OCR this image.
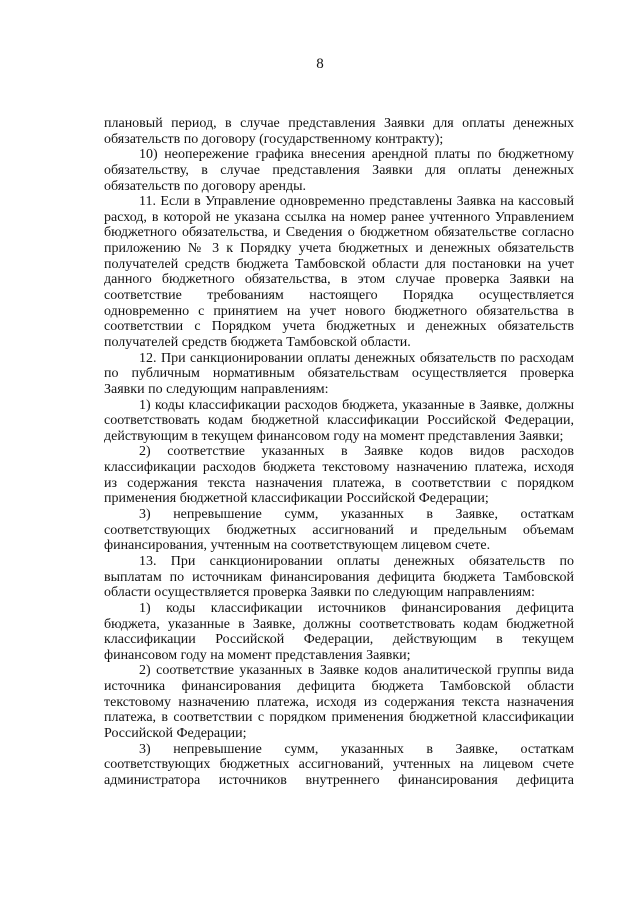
8
плановый период, в случае представления Заявки для оплаты денежных
обязательств по договору (государственному контракту);
10) неопережение графика внесения арендной платы по бюджетному
обязательству, в случае представления Заявки для оплаты денежных
обязательств по договору аренды.
11. Если в Управление одновременно представлены Заявка на кассовый
расход, в которой не указана ссылка на номер ранее учтенного Управлением
бюджетного обязательства, и Сведения о бюджетном обязательстве согласно
приложению № 3 к Порядку учета бюджетных и денежных обязательств
получателей средств бюджета Тамбовской области для постановки на учет
данного бюджетного обязательства, в этом случае проверка Заявки на
соответствие требованиям настоящего Порядка осуществляется
одновременно с принятием на учет нового бюджетного обязательства в
соответствии с Порядком учета бюджетных и денежных обязательств
получателей средств бюджета Тамбовской области.
12. При санкционировании оплаты денежных обязательств по расходам
по публичным нормативным обязательствам осуществляется проверка
Заявки по следующим направлениям:
1) коды классификации расходов бюджета, указанные в Заявке, должны
соответствовать кодам бюджетной классификации Российской Федерации,
действующим в текущем финансовом году на момент представления Заявки;
2) соответствие указанных в Заявке кодов видов расходов
классификации расходов бюджета текстовому назначению платежа, исходя
из содержания текста назначения платежа, в соответствии с порядком
применения бюджетной классификации Российской Федерации;
3) непревышение сумм, указанных в Заявке, остаткам
соответствующих бюджетных ассигнований и предельным объемам
финансирования, учтенным на соответствующем лицевом счете.
13. При санкционировании оплаты денежных обязательств по
выплатам по источникам финансирования дефицита бюджета Тамбовской
области осуществляется проверка Заявки по следующим направлениям:
1) коды классификации источников финансирования дефицита
бюджета, указанные в Заявке, должны соответствовать кодам бюджетной
классификации Российской Федерации, действующим в текущем
финансовом году на момент представления Заявки;
2) соответствие указанных в Заявке кодов аналитической группы вида
источника финансирования дефицита бюджета Тамбовской области
текстовому назначению платежа, исходя из содержания текста назначения
платежа, в соответствии с порядком применения бюджетной классификации
Российской Федерации;
3) непревышение сумм, указанных в Заявке, остаткам
соответствующих бюджетных ассигнований, учтенных на лицевом счете
администратора источников внутреннего финансирования дефицита
